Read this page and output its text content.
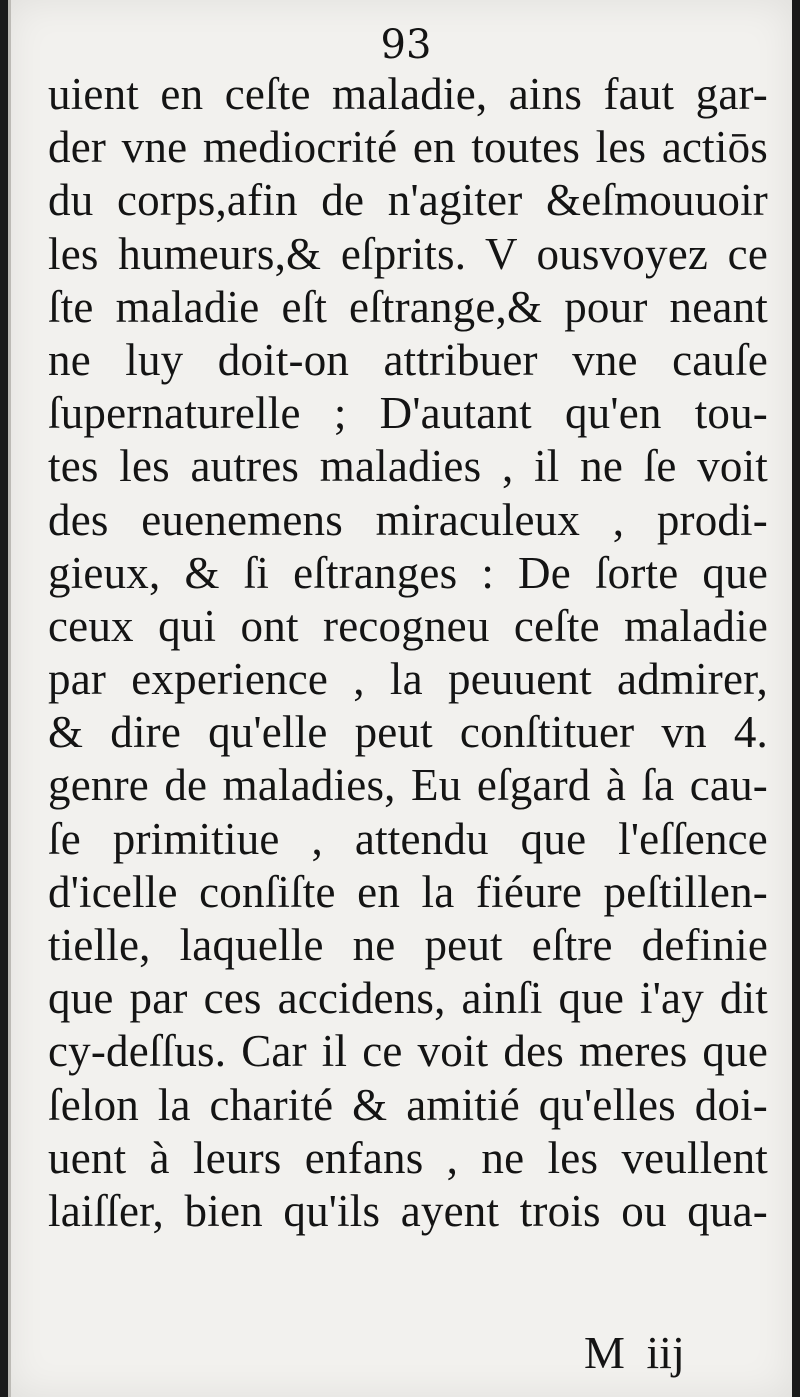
93
uient en ceſte maladie, ains faut gar-
der vne mediocrité en toutes les actiōs
du corps,afin de n'agiter &eſmouuoir
les humeurs,& eſprits. V ousvoyez ce
ſte maladie eſt eſtrange,& pour neant
ne luy doit-on attribuer vne cauſe
ſupernaturelle ; D'autant qu'en tou-
tes les autres maladies , il ne ſe voit
des euenemens miraculeux , prodi-
gieux, & ſi eſtranges : De ſorte que
ceux qui ont recogneu ceſte maladie
par experience , la peuuent admirer,
& dire qu'elle peut conſtituer vn 4.
genre de maladies, Eu eſgard à ſa cau-
ſe primitiue , attendu que l'eſſence
d'icelle conſiſte en la fiéure peſtillen-
tielle, laquelle ne peut eſtre definie
que par ces accidens, ainſi que i'ay dit
cy-deſſus. Car il ce voit des meres que
ſelon la charité & amitié qu'elles doi-
uent à leurs enfans , ne les veullent
laiſſer, bien qu'ils ayent trois ou qua-
M iij
